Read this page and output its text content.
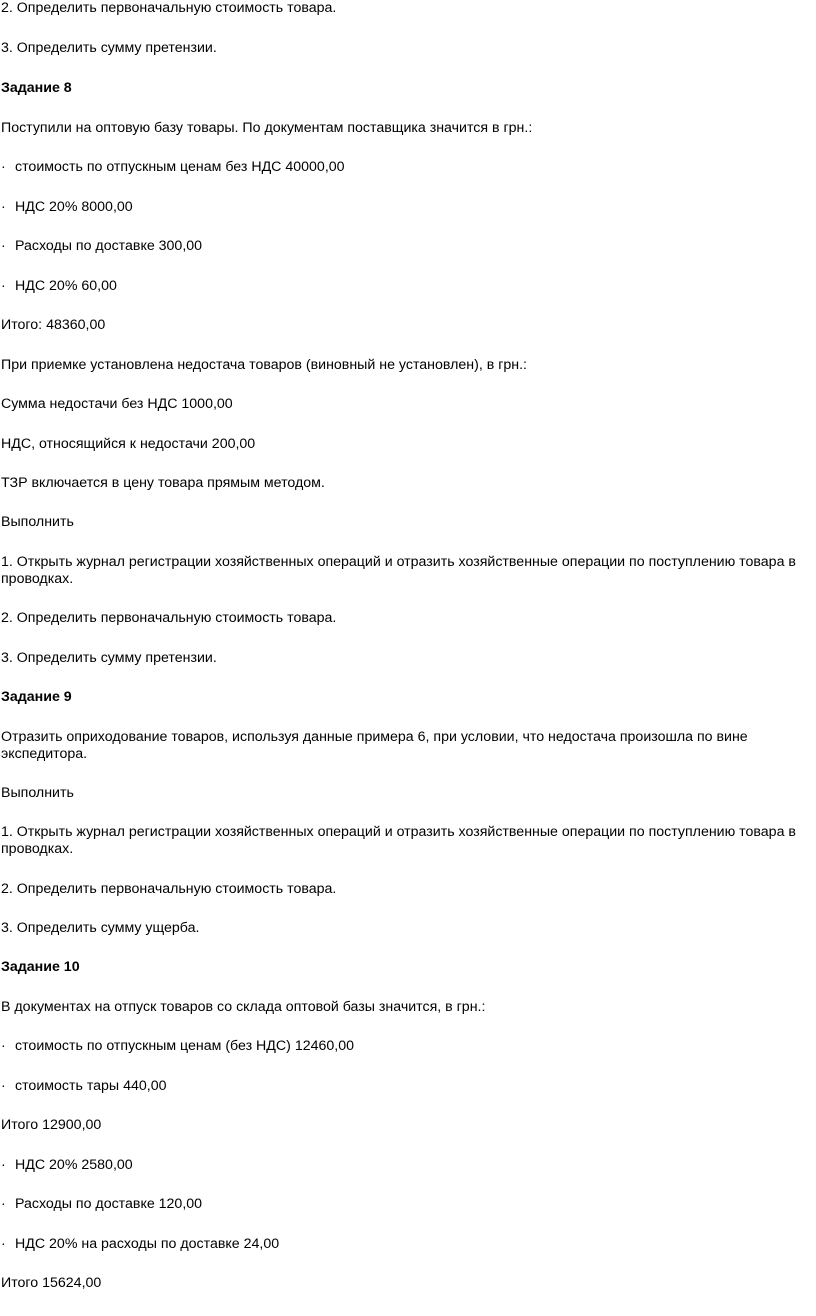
2. Определить первоначальную стоимость товара.
3. Определить сумму претензии.
Задание 8
Поступили на оптовую базу товары. По документам поставщика значится в грн.:
· стоимость по отпускным ценам без НДС 40000,00
· НДС 20% 8000,00
· Расходы по доставке 300,00
· НДС 20% 60,00
Итого: 48360,00
При приемке установлена недостача товаров (виновный не установлен), в грн.:
Сумма недостачи без НДС 1000,00
НДС, относящийся к недостачи 200,00
ТЗР включается в цену товара прямым методом.
Выполнить
1. Открыть журнал регистрации хозяйственных операций и отразить хозяйственные операции по поступлению товара в проводках.
2. Определить первоначальную стоимость товара.
3. Определить сумму претензии.
Задание 9
Отразить оприходование товаров, используя данные примера 6, при условии, что недостача произошла по вине экспедитора.
Выполнить
1. Открыть журнал регистрации хозяйственных операций и отразить хозяйственные операции по поступлению товара в проводках.
2. Определить первоначальную стоимость товара.
3. Определить сумму ущерба.
Задание 10
В документах на отпуск товаров со склада оптовой базы значится, в грн.:
· стоимость по отпускным ценам (без НДС) 12460,00
· стоимость тары 440,00
Итого 12900,00
· НДС 20% 2580,00
· Расходы по доставке 120,00
· НДС 20% на расходы по доставке 24,00
Итого 15624,00
